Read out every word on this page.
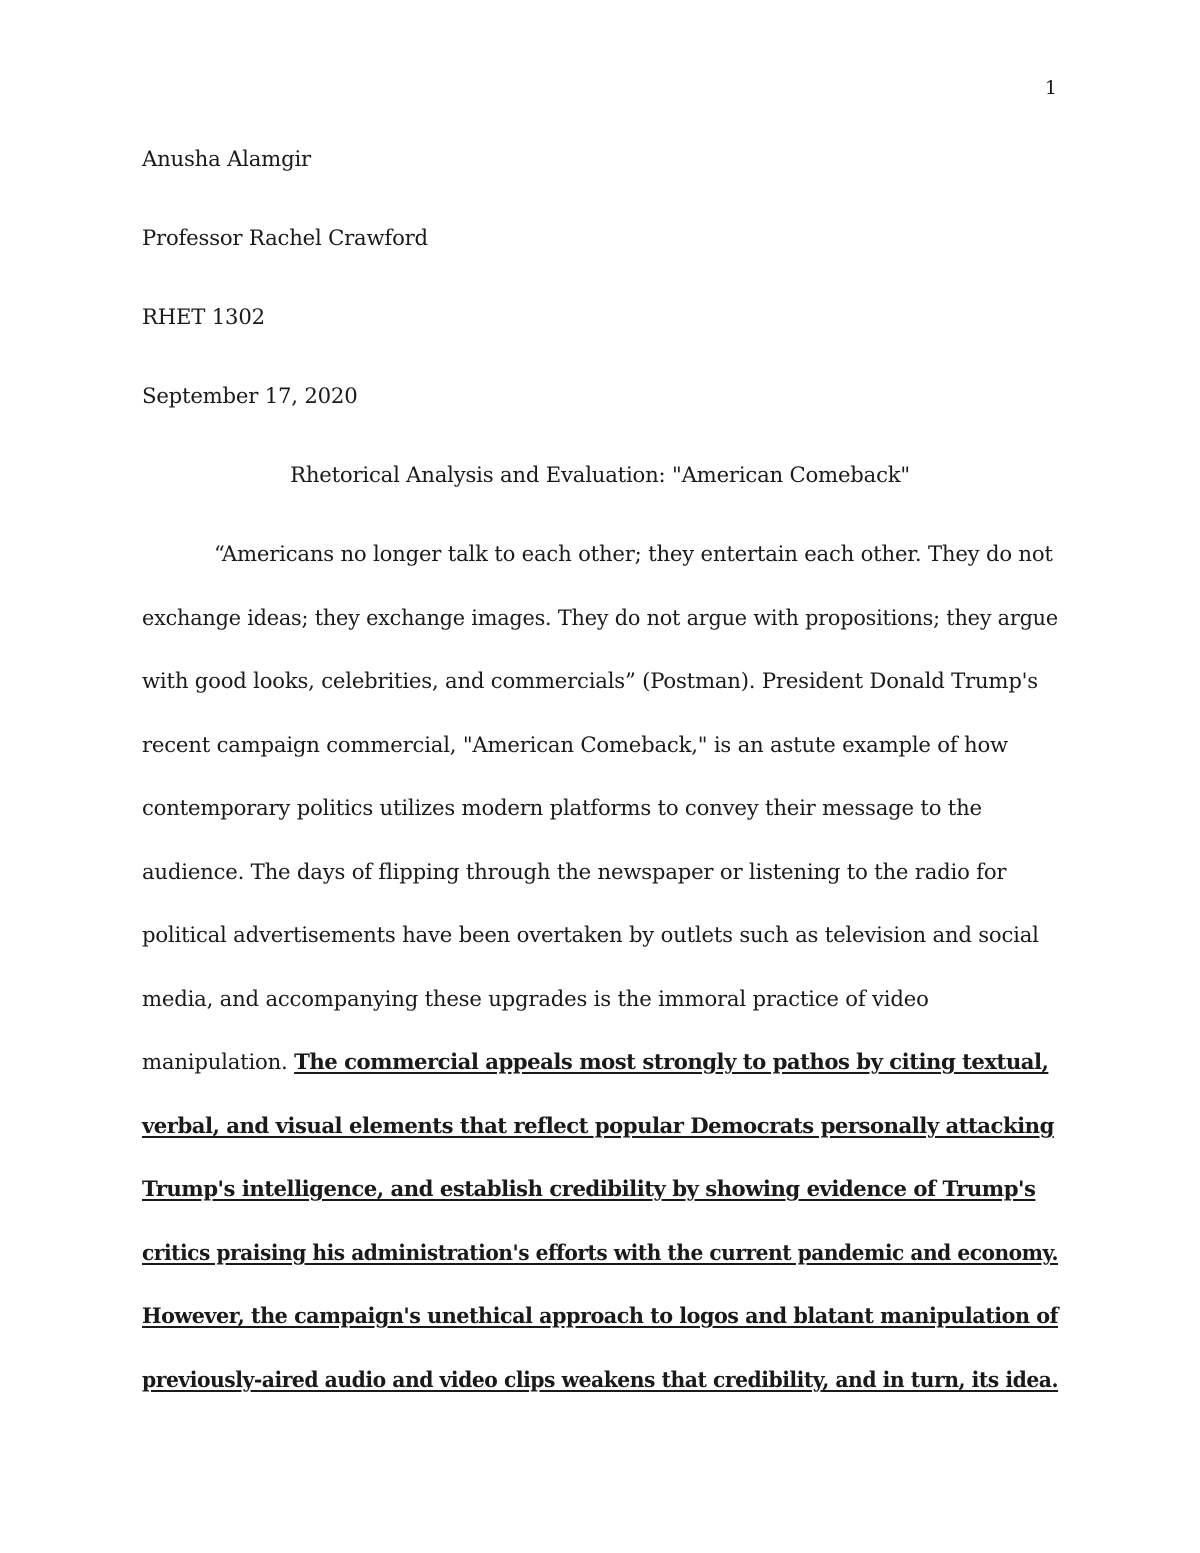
1
Anusha Alamgir
Professor Rachel Crawford
RHET 1302
September 17, 2020
Rhetorical Analysis and Evaluation: "American Comeback"
“Americans no longer talk to each other; they entertain each other. They do not
exchange ideas; they exchange images. They do not argue with propositions; they argue
with good looks, celebrities, and commercials” (Postman). President Donald Trump's
recent campaign commercial, "American Comeback," is an astute example of how
contemporary politics utilizes modern platforms to convey their message to the
audience. The days of flipping through the newspaper or listening to the radio for
political advertisements have been overtaken by outlets such as television and social
media, and accompanying these upgrades is the immoral practice of video
manipulation. The commercial appeals most strongly to pathos by citing textual,
verbal, and visual elements that reflect popular Democrats personally attacking
Trump's intelligence, and establish credibility by showing evidence of Trump's
critics praising his administration's efforts with the current pandemic and economy.
However, the campaign's unethical approach to logos and blatant manipulation of
previously-aired audio and video clips weakens that credibility, and in turn, its idea.
